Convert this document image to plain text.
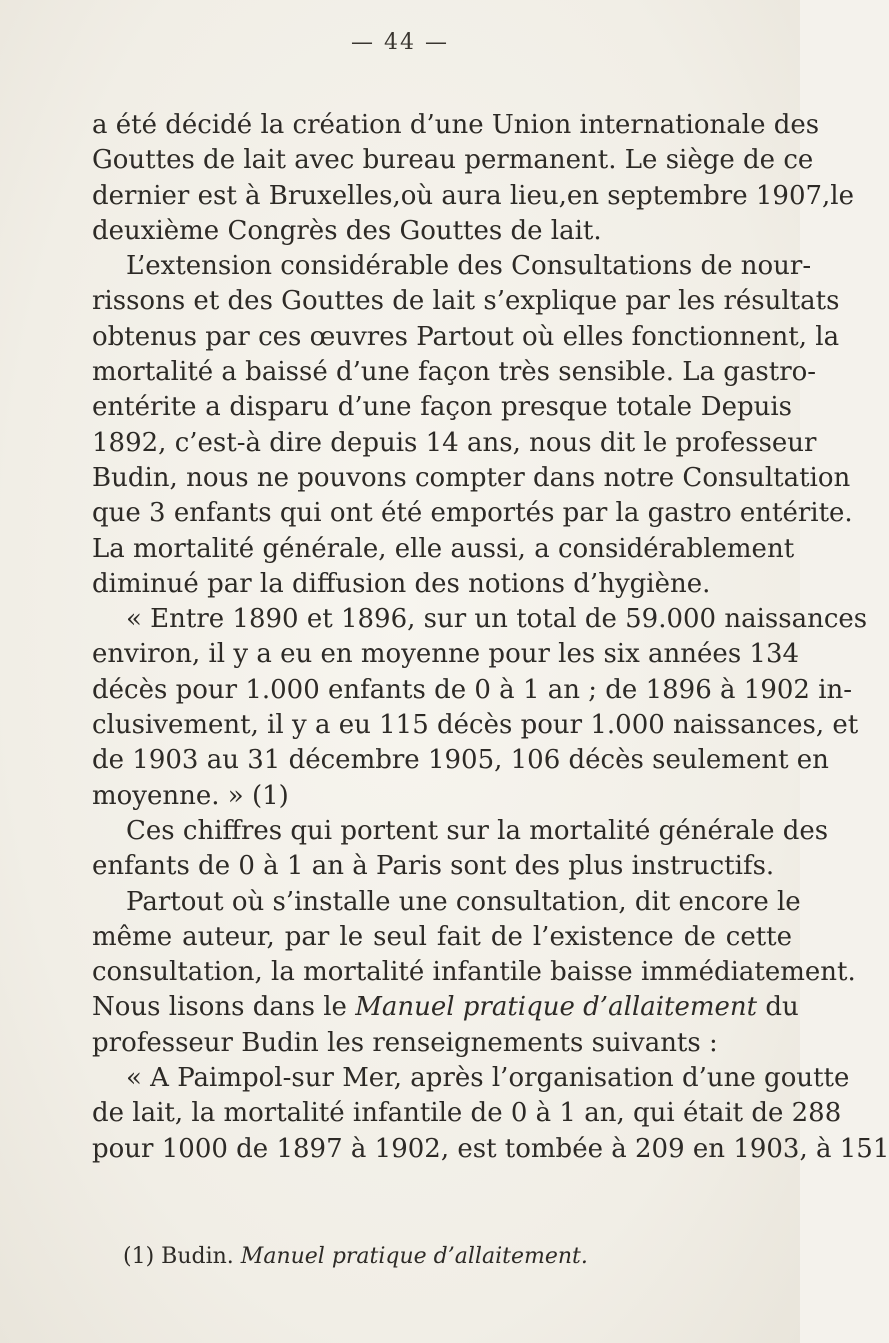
— 44 —
a été décidé la création d’une Union internationale des
Gouttes de lait avec bureau permanent. Le siège de ce
dernier est à Bruxelles,où aura lieu,en septembre 1907,le
deuxième Congrès des Gouttes de lait.
L’extension considérable des Consultations de nour-
rissons et des Gouttes de lait s’explique par les résultats
obtenus par ces œuvres Partout où elles fonctionnent, la
mortalité a baissé d’une façon très sensible. La gastro-
entérite a disparu d’une façon presque totale Depuis
1892, c’est-à dire depuis 14 ans, nous dit le professeur
Budin, nous ne pouvons compter dans notre Consultation
que 3 enfants qui ont été emportés par la gastro entérite.
La mortalité générale, elle aussi, a considérablement
diminué par la diffusion des notions d’hygiène.
« Entre 1890 et 1896, sur un total de 59.000 naissances
environ, il y a eu en moyenne pour les six années 134
décès pour 1.000 enfants de 0 à 1 an ; de 1896 à 1902 in-
clusivement, il y a eu 115 décès pour 1.000 naissances, et
de 1903 au 31 décembre 1905, 106 décès seulement en
moyenne. » (1)
Ces chiffres qui portent sur la mortalité générale des
enfants de 0 à 1 an à Paris sont des plus instructifs.
Partout où s’installe une consultation, dit encore le
même auteur, par le seul fait de l’existence de cette
consultation, la mortalité infantile baisse immédiatement.
Nous lisons dans le Manuel pratique d’allaitement du
professeur Budin les renseignements suivants :
« A Paimpol-sur Mer, après l’organisation d’une goutte
de lait, la mortalité infantile de 0 à 1 an, qui était de 288
pour 1000 de 1897 à 1902, est tombée à 209 en 1903, à 151
(1) Budin. Manuel pratique d’allaitement.
